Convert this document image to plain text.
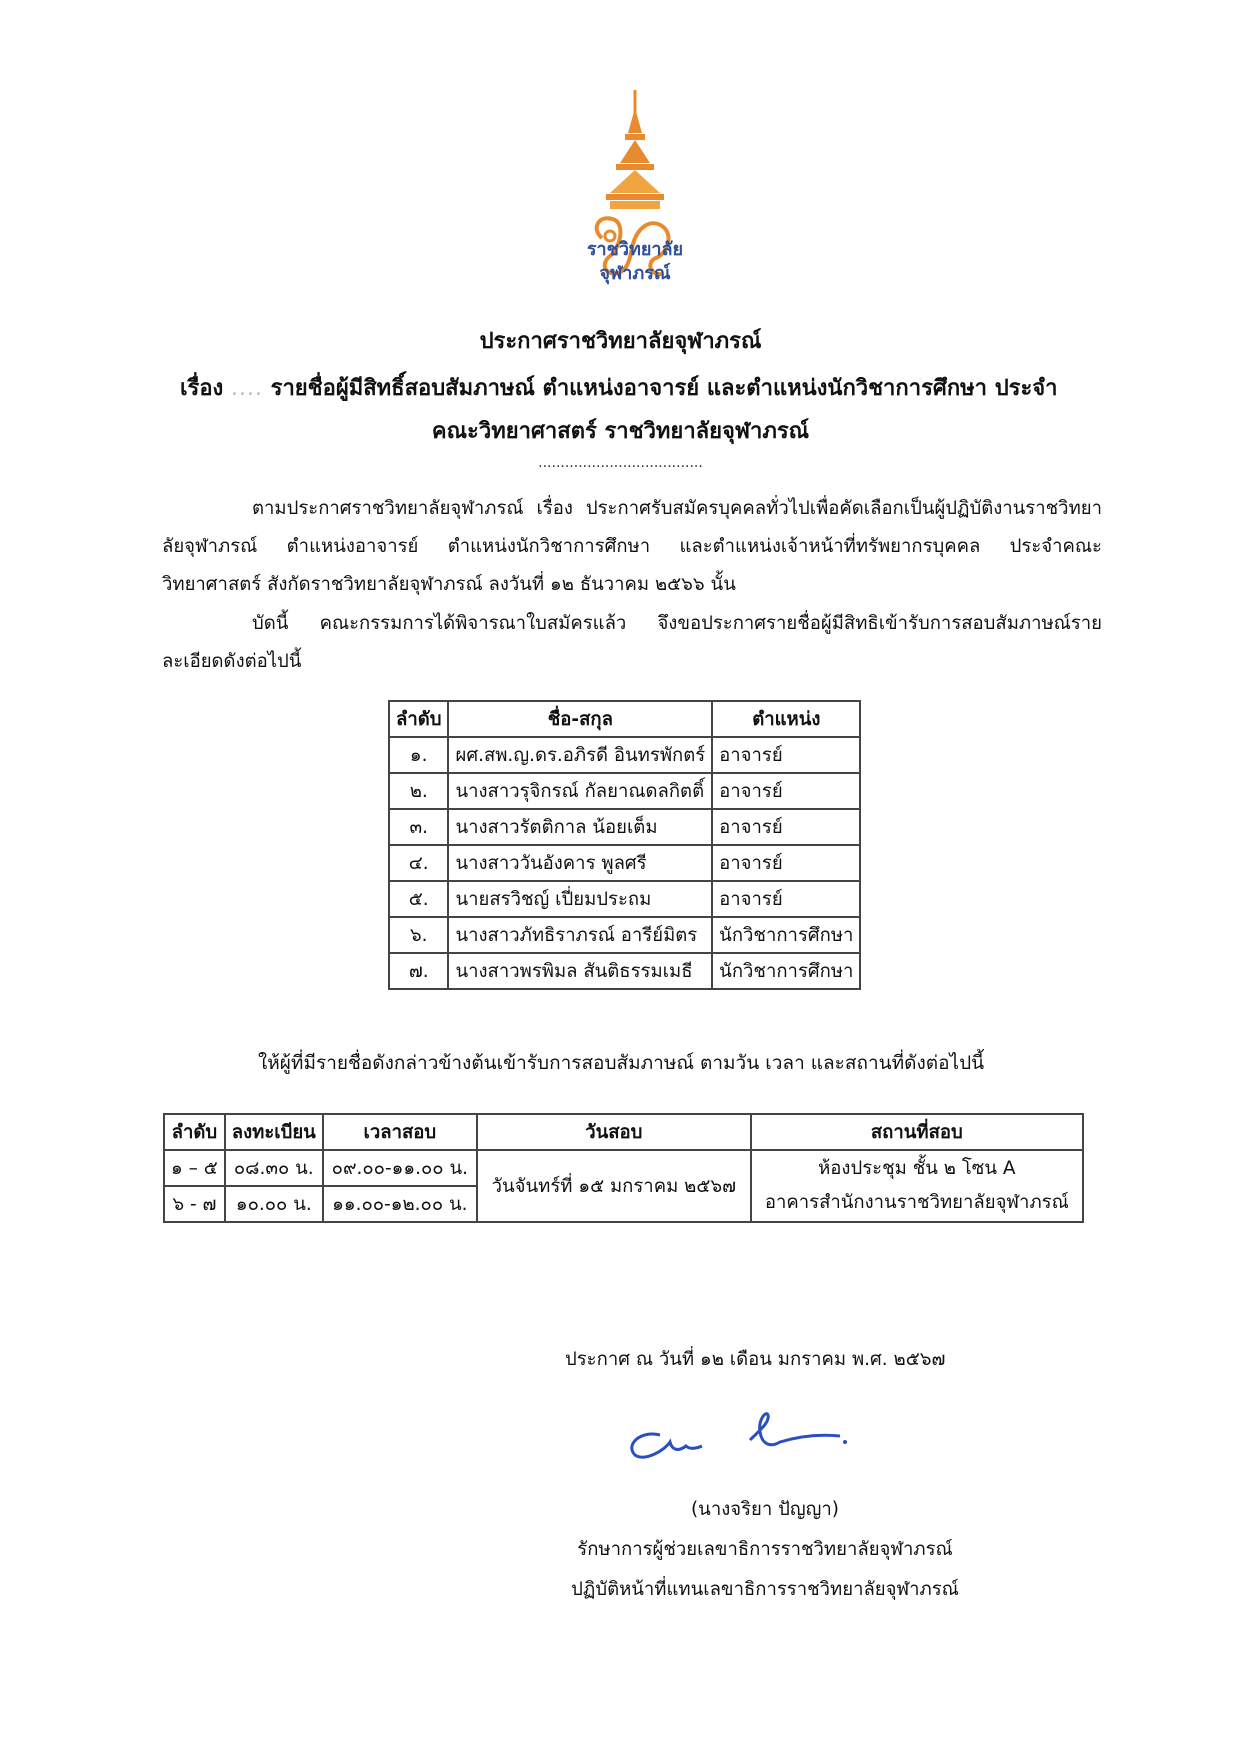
ราชวิทยาลัย
จุฬาภรณ์
ประกาศราชวิทยาลัยจุฬาภรณ์
เรื่อง .... รายชื่อผู้มีสิทธิ์สอบสัมภาษณ์ ตำแหน่งอาจารย์ และตำแหน่งนักวิชาการศึกษา ประจำ
คณะวิทยาศาสตร์ ราชวิทยาลัยจุฬาภรณ์
.....................................
ตามประกาศราชวิทยาลัยจุฬาภรณ์ เรื่อง ประกาศรับสมัครบุคคลทั่วไปเพื่อคัดเลือกเป็นผู้ปฏิบัติงานราชวิทยาลัยจุฬาภรณ์ ตำแหน่งอาจารย์ ตำแหน่งนักวิชาการศึกษา และตำแหน่งเจ้าหน้าที่ทรัพยากรบุคคล ประจำคณะวิทยาศาสตร์ สังกัดราชวิทยาลัยจุฬาภรณ์ ลงวันที่ ๑๒ ธันวาคม ๒๕๖๖ นั้น
บัดนี้ คณะกรรมการได้พิจารณาใบสมัครแล้ว จึงขอประกาศรายชื่อผู้มีสิทธิเข้ารับการสอบสัมภาษณ์รายละเอียดดังต่อไปนี้
ลำดับ	ชื่อ-สกุล	ตำแหน่ง
๑.	ผศ.สพ.ญ.ดร.อภิรดี อินทรพักตร์	อาจารย์
๒.	นางสาวรุจิกรณ์ กัลยาณดลกิตติ์	อาจารย์
๓.	นางสาวรัตติกาล น้อยเต็ม	อาจารย์
๔.	นางสาววันอังคาร พูลศรี	อาจารย์
๕.	นายสรวิชญ์ เปี่ยมประถม	อาจารย์
๖.	นางสาวภัทธิราภรณ์ อารีย์มิตร	นักวิชาการศึกษา
๗.	นางสาวพรพิมล สันติธรรมเมธี	นักวิชาการศึกษา
ให้ผู้ที่มีรายชื่อดังกล่าวข้างต้นเข้ารับการสอบสัมภาษณ์ ตามวัน เวลา และสถานที่ดังต่อไปนี้
ลำดับ	ลงทะเบียน	เวลาสอบ	วันสอบ	สถานที่สอบ
๑ – ๕	๐๘.๓๐ น.	๐๙.๐๐-๑๑.๐๐ น.	วันจันทร์ที่ ๑๕ มกราคม ๒๕๖๗	ห้องประชุม ชั้น ๒ โซน A
อาคารสำนักงานราชวิทยาลัยจุฬาภรณ์

๖ - ๗	๑๐.๐๐ น.	๑๑.๐๐-๑๒.๐๐ น.		
ประกาศ ณ วันที่ ๑๒ เดือน มกราคม พ.ศ. ๒๕๖๗
(นางจริยา ปัญญา)
รักษาการผู้ช่วยเลขาธิการราชวิทยาลัยจุฬาภรณ์
ปฏิบัติหน้าที่แทนเลขาธิการราชวิทยาลัยจุฬาภรณ์
